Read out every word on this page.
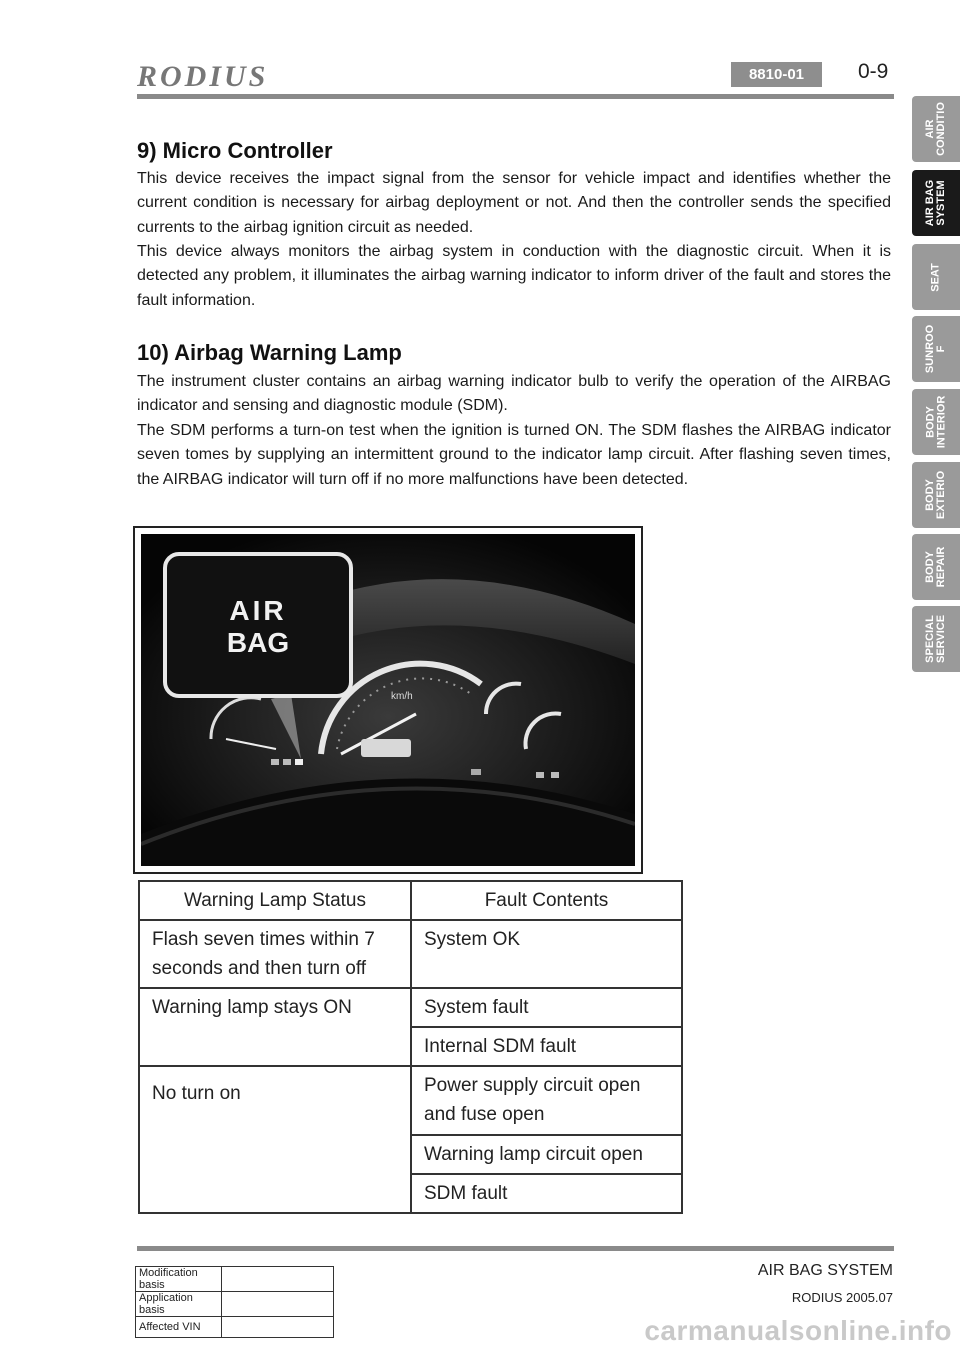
RODIUS	8810-01	0-9
AIR
CONDITIO
AIR BAG
SYSTEM
SEAT
SUNROO
F
BODY
INTERIOR
BODY
EXTERIO
BODY
REPAIR
SPECIAL
SERVICE
9) Micro Controller
This device receives the impact signal from the sensor for vehicle impact and identifies whether the current condition is necessary for airbag deployment or not. And then the controller sends the specified currents to the airbag ignition circuit as needed.
This device always monitors the airbag system in conduction with the diagnostic circuit. When it is detected any problem, it illuminates the airbag warning indicator to inform driver of the fault and stores the fault information.
10) Airbag Warning Lamp
The instrument cluster contains an airbag warning indicator bulb to verify the operation of the AIRBAG indicator and sensing and diagnostic module (SDM).
The SDM performs a turn-on test when the ignition is turned ON. The SDM flashes the AIRBAG indicator seven tomes by supplying an intermittent ground to the indicator lamp circuit. After flashing seven times, the AIRBAG indicator will turn off if no more malfunctions have been detected.
km/h
AIR
BAG
Warning Lamp Status	Fault Contents
Flash seven times within 7 seconds and then turn off	System OK
Warning lamp stays ON	System fault
	Internal SDM fault
No turn on	Power supply circuit open and fuse open
	Warning lamp circuit open
	SDM fault
Modification basis	
Application basis	
Affected VIN	
AIR BAG SYSTEM
RODIUS 2005.07
carmanualsonline.info
